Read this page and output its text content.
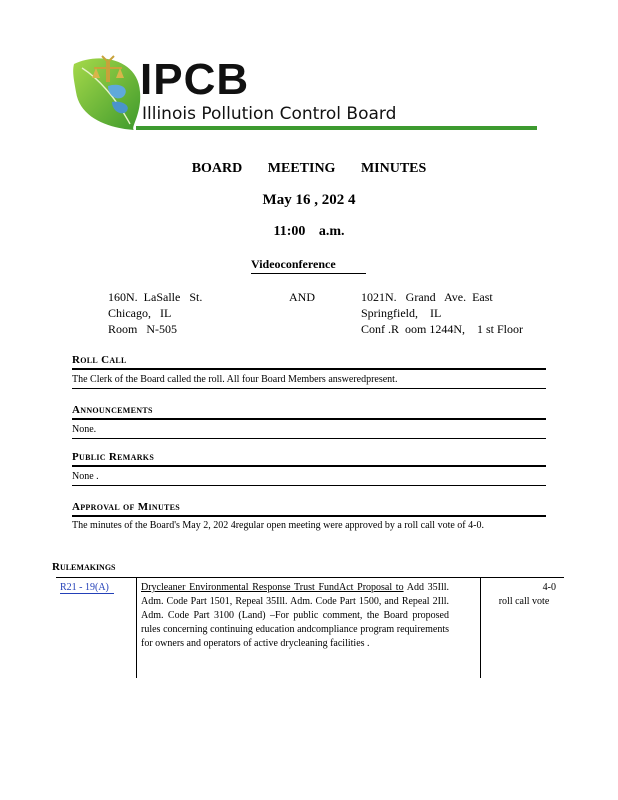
IPCB
Illinois Pollution Control Board
BOARD MEETING MINUTES
May 16 , 202 4
11:00 a.m.
Videoconference
160N.  LaSalle   St.
Chicago,   IL
Room   N-505
AND	1021N.   Grand   Ave.  East
Springfield,    IL
Conf .R  oom 1244N,    1 st Floor
Roll Call
The Clerk of the Board called the roll. All four Board Members answeredpresent.
Announcements
None.
Public Remarks
None .
Approval of Minutes
The minutes of the Board's May 2, 202 4regular open meeting were approved by a roll call vote of 4-0.
Rulemakings
R21 - 19(A)	Drycleaner Environmental Response Trust FundAct Proposal to Add 35Ill. Adm. Code Part 1501, Repeal 35Ill. Adm. Code Part 1500, and Repeal 2Ill. Adm. Code Part 3100 (Land) –For public comment, the Board proposed rules concerning continuing education andcompliance program requirements for owners and operators of active drycleaning facilities .
4-0
roll call vote
